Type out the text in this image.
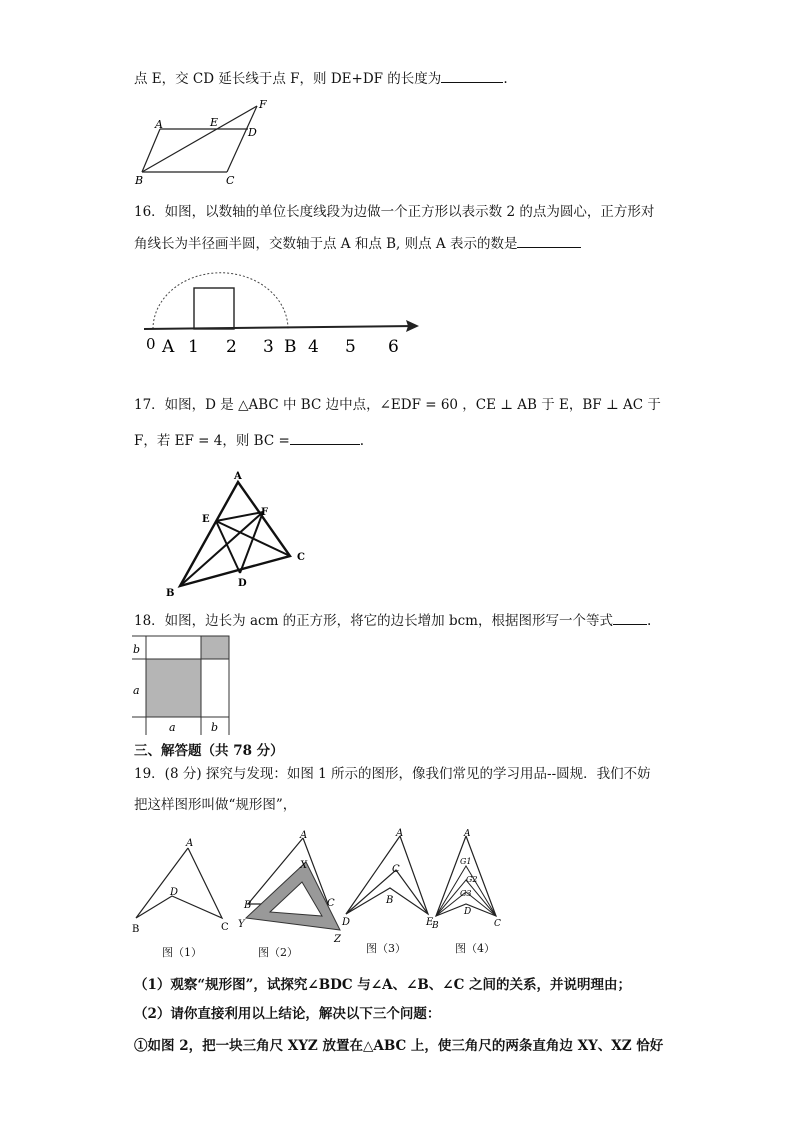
点 E，交 CD 延长线于点 F，则 DE+DF 的长度为	.
A
B	C
D
E
F
16．如图，以数轴的单位长度线段为边做一个正方形以表示数 2 的点为圆心，正方形对
角线长为半径画半圆，交数轴于点 A 和点 B, 则点 A 表示的数是
0 A 1 2 3 B 4 5 6
17．如图，D 是 △ABC 中 BC 边中点，∠EDF = 60 ，CE ⊥ AB 于 E，BF ⊥ AC 于
F，若 EF = 4，则 BC =	.
A
E
F
C
D
B
18．如图，边长为 acm 的正方形，将它的边长增加 bcm，根据图形写一个等式	.
b
a
a	b
三、解答题（共 78 分）
19．(8 分) 探究与发现：如图 1 所示的图形，像我们常见的学习用品--圆规．我们不妨
把这样图形叫做“规形图”，
A
B	C
D
图（1）
A
X
B	C
Y
Z
图（2）
A
C
B
D	E
图（3）
A
G1
G2
G3
D
B	C
图（4）
（1）观察“规形图”，试探究∠BDC 与∠A、∠B、∠C 之间的关系，并说明理由；
（2）请你直接利用以上结论，解决以下三个问题：
①如图 2，把一块三角尺 XYZ 放置在△ABC 上，使三角尺的两条直角边 XY、XZ 恰好
